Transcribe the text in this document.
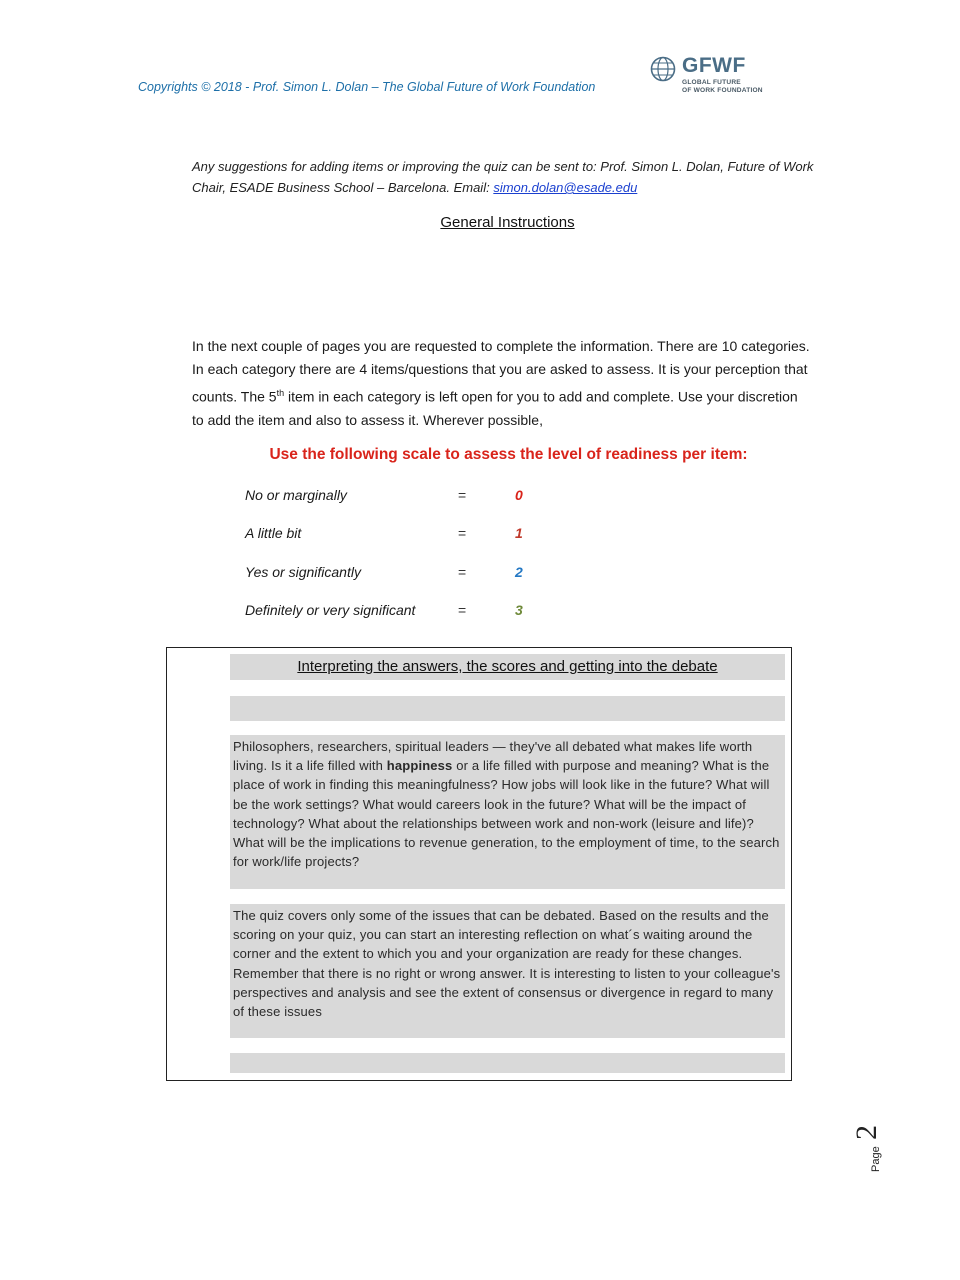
Copyrights © 2018 - Prof. Simon L. Dolan – The Global Future of Work Foundation
GFWF
GLOBAL FUTURE
OF WORK FOUNDATION
Any suggestions for adding items or improving the quiz can be sent to: Prof. Simon L. Dolan, Future of Work Chair, ESADE Business School – Barcelona. Email: simon.dolan@esade.edu
General Instructions
In the next couple of pages you are requested to complete the information. There are 10 categories. In each category there are 4 items/questions that you are asked to assess. It is your perception that counts. The 5th item in each category is left open for you to add and complete. Use your discretion to add the item and also to assess it. Wherever possible,
Use the following scale to assess the level of readiness per item:
No or marginally	=	0
A little bit	=	1
Yes or significantly	=	2
Definitely or very significant	=	3
Interpreting the answers, the scores and getting into the debate
Philosophers, researchers, spiritual leaders — they've all debated what makes life worth living. Is it a life filled with happiness or a life filled with purpose and meaning? What is the place of work in finding this meaningfulness? How jobs will look like in the future? What will be the work settings? What would careers look in the future? What will be the impact of technology? What about the relationships between work and non-work (leisure and life)? What will be the implications to revenue generation, to the employment of time, to the search for work/life projects?
The quiz covers only some of the issues that can be debated. Based on the results and the scoring on your quiz, you can start an interesting reflection on what´s waiting around the corner and the extent to which you and your organization are ready for these changes. Remember that there is no right or wrong answer. It is interesting to listen to your colleague's perspectives and analysis and see the extent of consensus or divergence in regard to many of these issues
Page
2
